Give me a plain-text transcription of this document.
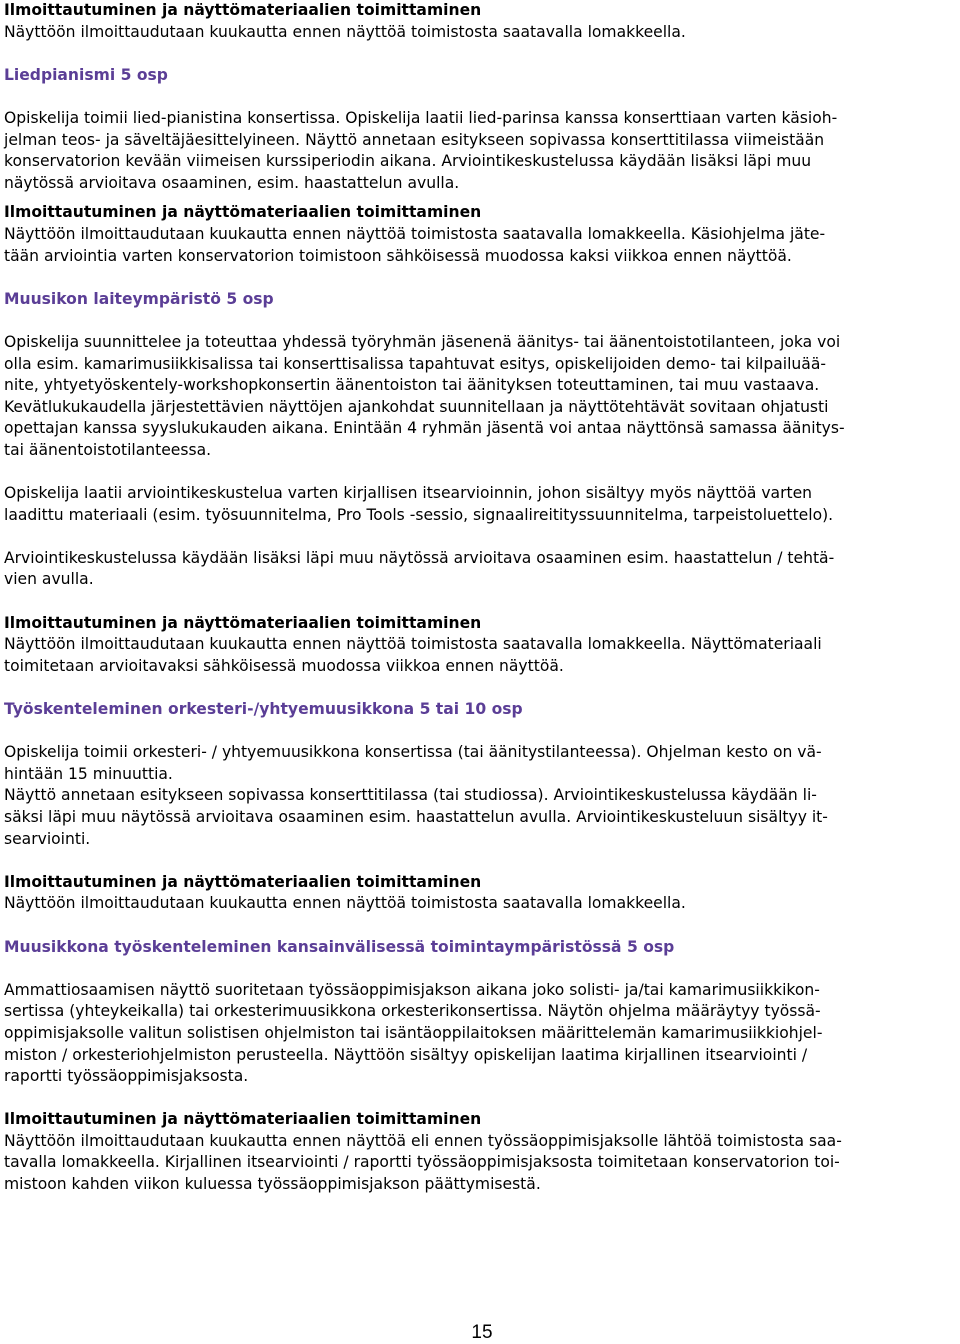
Ilmoittautuminen ja näyttömateriaalien toimittaminen
Näyttöön ilmoittaudutaan kuukautta ennen näyttöä toimistosta saatavalla lomakkeella.
Liedpianismi 5 osp
Opiskelija toimii lied-pianistina konsertissa. Opiskelija laatii lied-parinsa kanssa konserttiaan varten käsioh-
jelman teos- ja säveltäjäesittelyineen. Näyttö annetaan esitykseen sopivassa konserttitilassa viimeistään
konservatorion kevään viimeisen kurssiperiodin aikana. Arviointikeskustelussa käydään lisäksi läpi muu
näytössä arvioitava osaaminen, esim. haastattelun avulla.
Ilmoittautuminen ja näyttömateriaalien toimittaminen
Näyttöön ilmoittaudutaan kuukautta ennen näyttöä toimistosta saatavalla lomakkeella. Käsiohjelma jäte-
tään arviointia varten konservatorion toimistoon sähköisessä muodossa kaksi viikkoa ennen näyttöä.
Muusikon laiteympäristö 5 osp
Opiskelija suunnittelee ja toteuttaa yhdessä työryhmän jäsenenä äänitys- tai äänentoistotilanteen, joka voi
olla esim. kamarimusiikkisalissa tai konserttisalissa tapahtuvat esitys, opiskelijoiden demo- tai kilpailuää-
nite, yhtyetyöskentely-workshopkonsertin äänentoiston tai äänityksen toteuttaminen, tai muu vastaava.
Kevätlukukaudella järjestettävien näyttöjen ajankohdat suunnitellaan ja näyttötehtävät sovitaan ohjatusti
opettajan kanssa syyslukukauden aikana. Enintään 4 ryhmän jäsentä voi antaa näyttönsä samassa äänitys-
tai äänentoistotilanteessa.
Opiskelija laatii arviointikeskustelua varten kirjallisen itsearvioinnin, johon sisältyy myös näyttöä varten
laadittu materiaali (esim. työsuunnitelma, Pro Tools -sessio, signaalireitityssuunnitelma, tarpeistoluettelo).
Arviointikeskustelussa käydään lisäksi läpi muu näytössä arvioitava osaaminen esim. haastattelun / tehtä-
vien avulla.
Ilmoittautuminen ja näyttömateriaalien toimittaminen
Näyttöön ilmoittaudutaan kuukautta ennen näyttöä toimistosta saatavalla lomakkeella. Näyttömateriaali
toimitetaan arvioitavaksi sähköisessä muodossa viikkoa ennen näyttöä.
Työskenteleminen orkesteri-/yhtyemuusikkona 5 tai 10 osp
Opiskelija toimii orkesteri- / yhtyemuusikkona konsertissa (tai äänitystilanteessa). Ohjelman kesto on vä-
hintään 15 minuuttia.
Näyttö annetaan esitykseen sopivassa konserttitilassa (tai studiossa). Arviointikeskustelussa käydään li-
säksi läpi muu näytössä arvioitava osaaminen esim. haastattelun avulla. Arviointikeskusteluun sisältyy it-
searviointi.
Ilmoittautuminen ja näyttömateriaalien toimittaminen
Näyttöön ilmoittaudutaan kuukautta ennen näyttöä toimistosta saatavalla lomakkeella.
Muusikkona työskenteleminen kansainvälisessä toimintaympäristössä 5 osp
Ammattiosaamisen näyttö suoritetaan työssäoppimisjakson aikana joko solisti- ja/tai kamarimusiikkikon-
sertissa (yhteykeikalla) tai orkesterimuusikkona orkesterikonsertissa. Näytön ohjelma määräytyy työssä-
oppimisjaksolle valitun solistisen ohjelmiston tai isäntäoppilaitoksen määrittelemän kamarimusiikkiohjel-
miston / orkesteriohjelmiston perusteella. Näyttöön sisältyy opiskelijan laatima kirjallinen itsearviointi /
raportti työssäoppimisjaksosta.
Ilmoittautuminen ja näyttömateriaalien toimittaminen
Näyttöön ilmoittaudutaan kuukautta ennen näyttöä eli ennen työssäoppimisjaksolle lähtöä toimistosta saa-
tavalla lomakkeella. Kirjallinen itsearviointi / raportti työssäoppimisjaksosta toimitetaan konservatorion toi-
mistoon kahden viikon kuluessa työssäoppimisjakson päättymisestä.
15
